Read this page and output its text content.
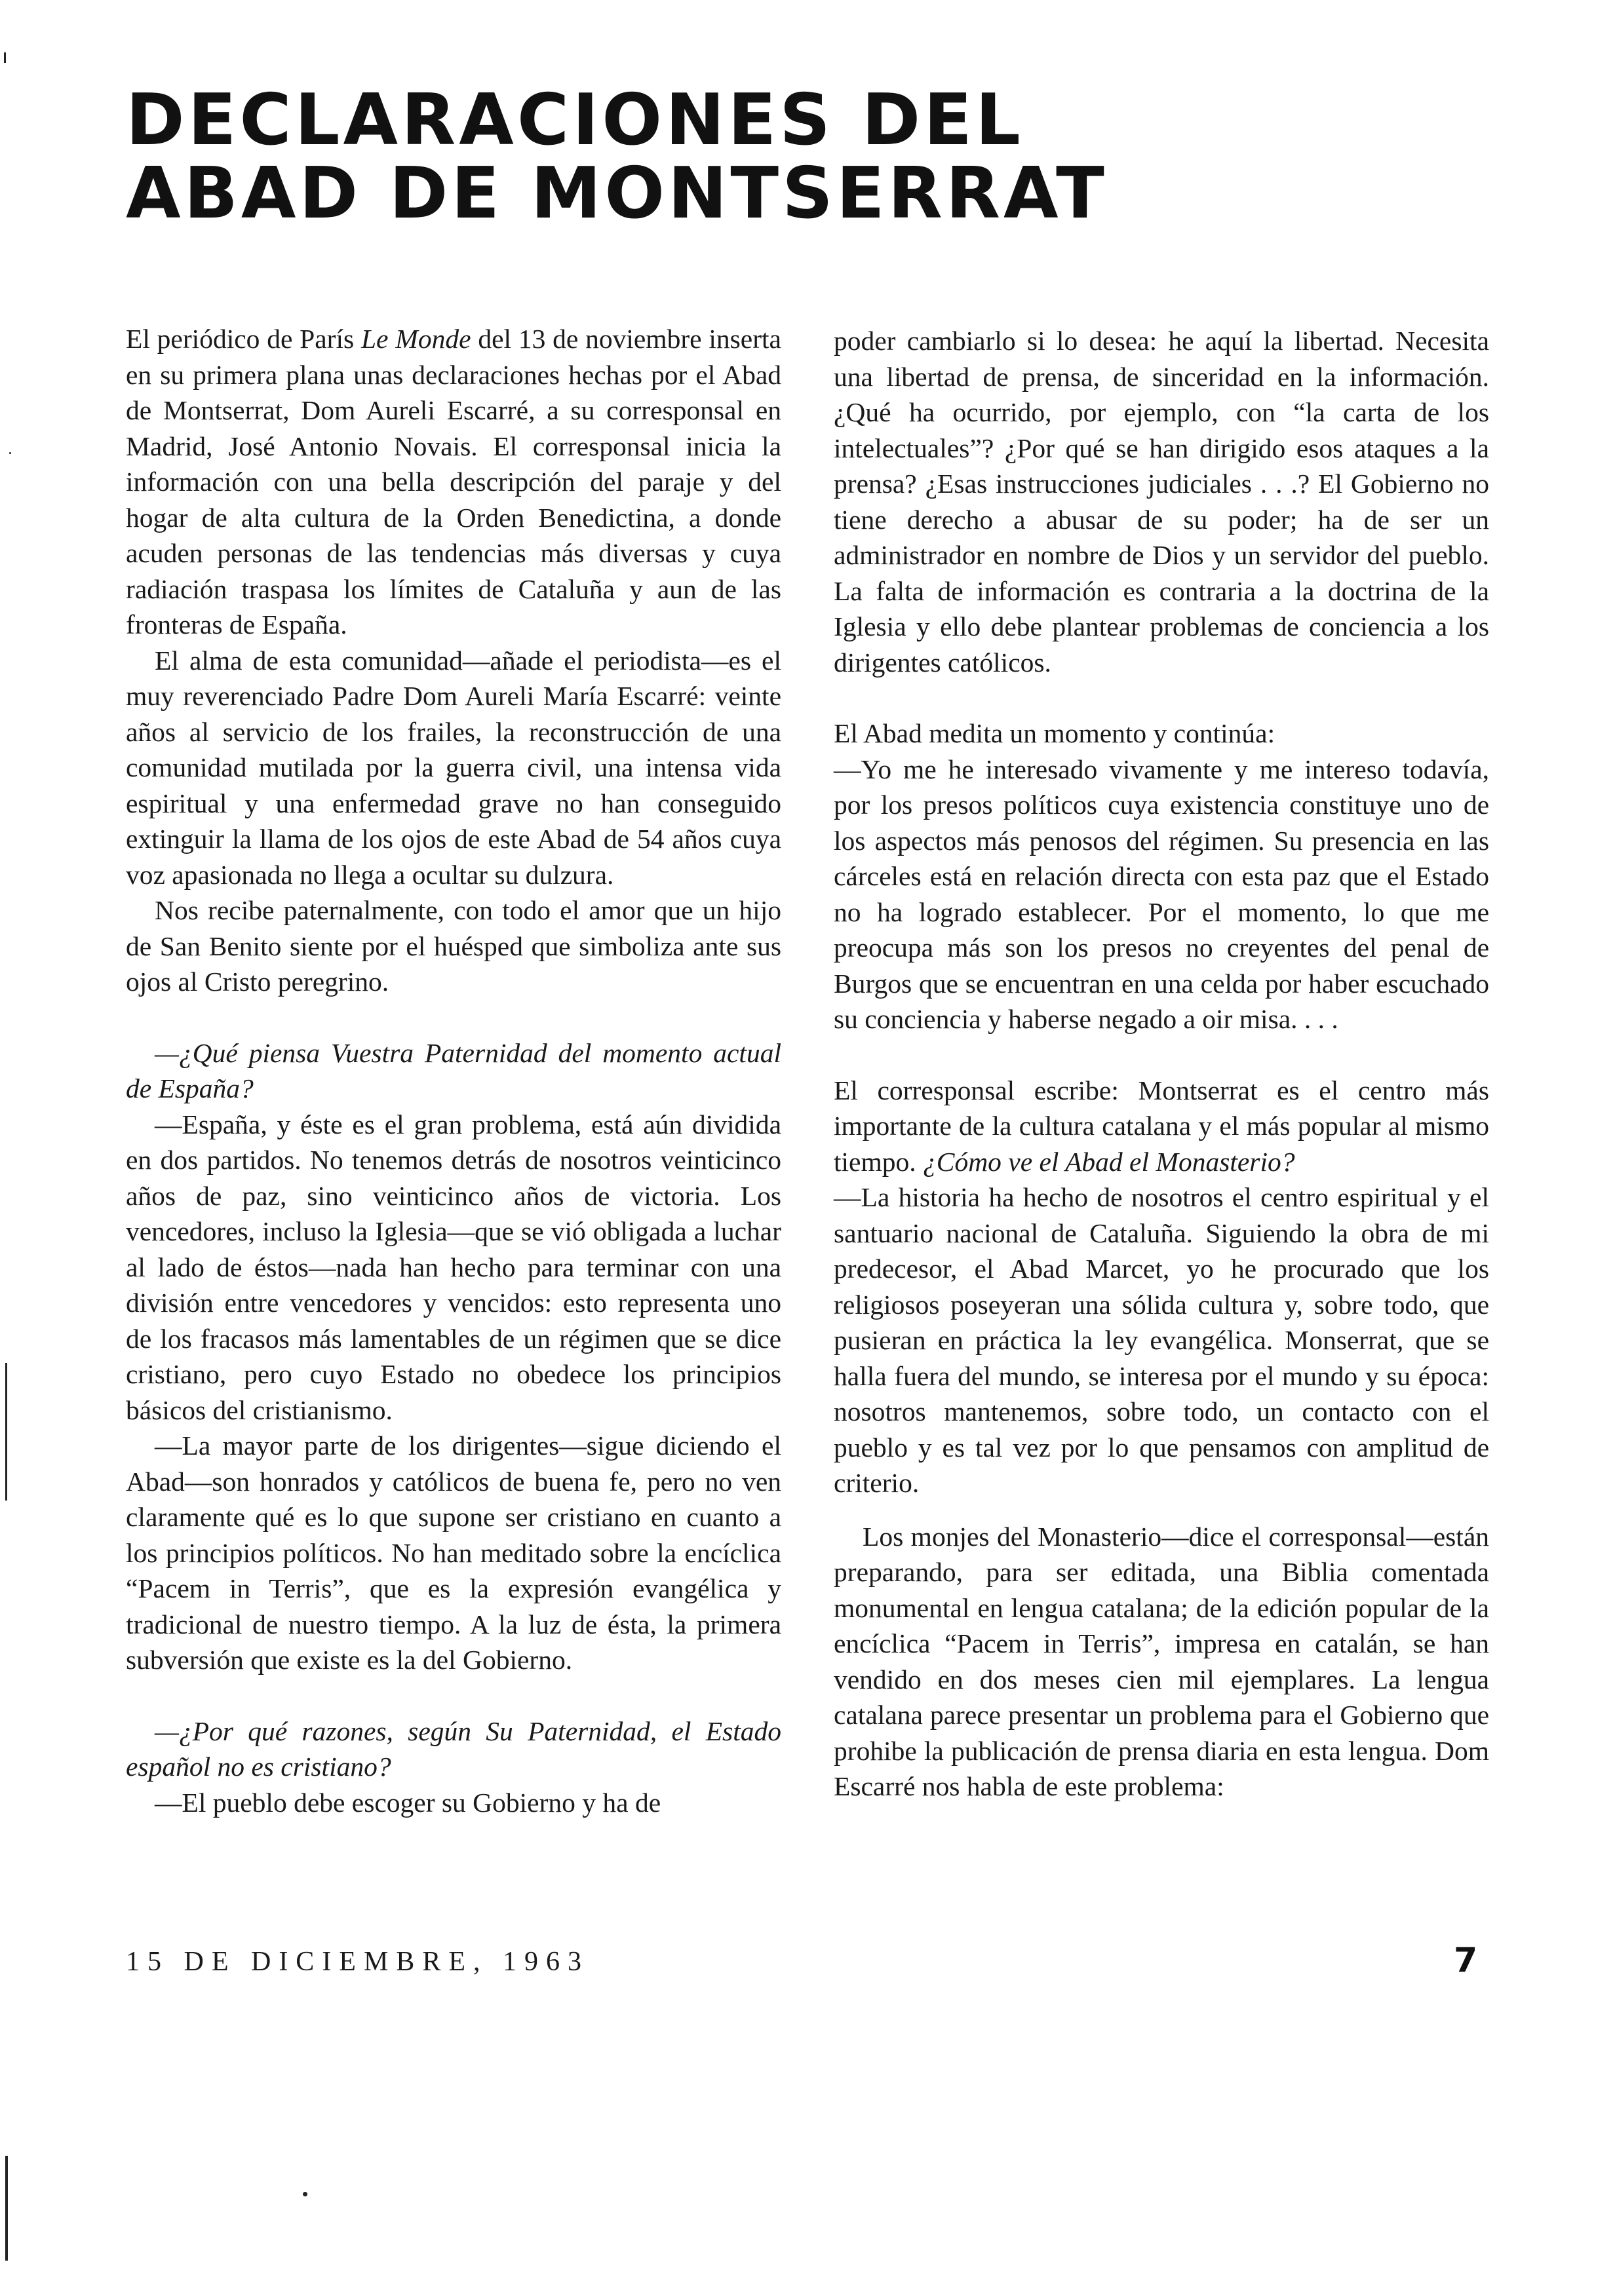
DECLARACIONES DEL
ABAD DE MONTSERRAT

El periódico de París Le Monde del 13 de noviembre inserta en su primera plana unas declaraciones hechas por el Abad de Montserrat, Dom Aureli Escarré, a su corresponsal en Madrid, José Antonio Novais. El corresponsal inicia la información con una bella descripción del paraje y del hogar de alta cultura de la Orden Benedictina, a donde acuden personas de las tendencias más diversas y cuya radiación traspasa los límites de Cataluña y aun de las fronteras de España.

El alma de esta comunidad—añade el periodista—es el muy reverenciado Padre Dom Aureli María Escarré: veinte años al servicio de los frailes, la reconstrucción de una comunidad mutilada por la guerra civil, una intensa vida espiritual y una enfermedad grave no han conseguido extinguir la llama de los ojos de este Abad de 54 años cuya voz apasionada no llega a ocultar su dulzura.

Nos recibe paternalmente, con todo el amor que un hijo de San Benito siente por el huésped que simboliza ante sus ojos al Cristo peregrino.

—¿Qué piensa Vuestra Paternidad del momento actual de España?

—España, y éste es el gran problema, está aún dividida en dos partidos. No tenemos detrás de nosotros veinticinco años de paz, sino veinticinco años de victoria. Los vencedores, incluso la Iglesia—que se vió obligada a luchar al lado de éstos—nada han hecho para terminar con una división entre vencedores y vencidos: esto representa uno de los fracasos más lamentables de un régimen que se dice cristiano, pero cuyo Estado no obedece los principios básicos del cristianismo.

—La mayor parte de los dirigentes—sigue diciendo el Abad—son honrados y católicos de buena fe, pero no ven claramente qué es lo que supone ser cristiano en cuanto a los principios políticos. No han meditado sobre la encíclica “Pacem in Terris”, que es la expresión evangélica y tradicional de nuestro tiempo. A la luz de ésta, la primera subversión que existe es la del Gobierno.

—¿Por qué razones, según Su Paternidad, el Estado español no es cristiano?

—El pueblo debe escoger su Gobierno y ha de

poder cambiarlo si lo desea: he aquí la libertad. Necesita una libertad de prensa, de sinceridad en la información. ¿Qué ha ocurrido, por ejemplo, con “la carta de los intelectuales”? ¿Por qué se han dirigido esos ataques a la prensa? ¿Esas instrucciones judiciales . . .? El Gobierno no tiene derecho a abusar de su poder; ha de ser un administrador en nombre de Dios y un servidor del pueblo. La falta de información es contraria a la doctrina de la Iglesia y ello debe plantear problemas de conciencia a los dirigentes católicos.

El Abad medita un momento y continúa:

—Yo me he interesado vivamente y me intereso todavía, por los presos políticos cuya existencia constituye uno de los aspectos más penosos del régimen. Su presencia en las cárceles está en relación directa con esta paz que el Estado no ha logrado establecer. Por el momento, lo que me preocupa más son los presos no creyentes del penal de Burgos que se encuentran en una celda por haber escuchado su conciencia y haberse negado a oir misa. . . .

El corresponsal escribe: Montserrat es el centro más importante de la cultura catalana y el más popular al mismo tiempo. ¿Cómo ve el Abad el Monasterio?

—La historia ha hecho de nosotros el centro espiritual y el santuario nacional de Cataluña. Siguiendo la obra de mi predecesor, el Abad Marcet, yo he procurado que los religiosos poseyeran una sólida cultura y, sobre todo, que pusieran en práctica la ley evangélica. Monserrat, que se halla fuera del mundo, se interesa por el mundo y su época: nosotros mantenemos, sobre todo, un contacto con el pueblo y es tal vez por lo que pensamos con amplitud de criterio.

Los monjes del Monasterio—dice el corresponsal—están preparando, para ser editada, una Biblia comentada monumental en lengua catalana; de la edición popular de la encíclica “Pacem in Terris”, impresa en catalán, se han vendido en dos meses cien mil ejemplares. La lengua catalana parece presentar un problema para el Gobierno que prohibe la publicación de prensa diaria en esta lengua. Dom Escarré nos habla de este problema:

15 DE DICIEMBRE, 1963	7
